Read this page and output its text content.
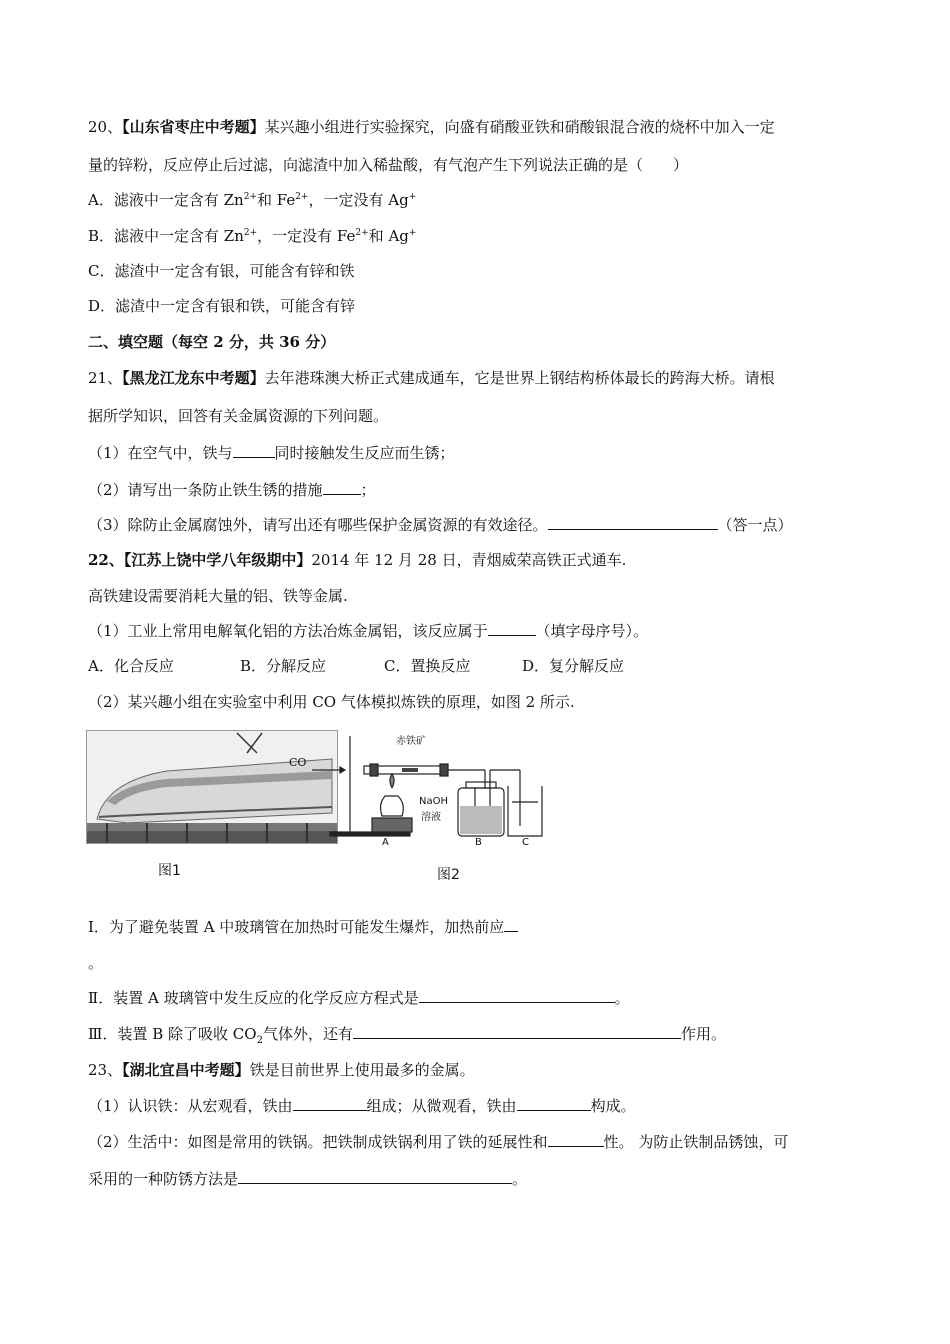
20、【山东省枣庄中考题】某兴趣小组进行实验探究，向盛有硝酸亚铁和硝酸银混合液的烧杯中加入一定
量的锌粉，反应停止后过滤，向滤渣中加入稀盐酸，有气泡产生下列说法正确的是（　　）
A．滤液中一定含有 $Zn^{2+}$和 $Fe^{2+}$，一定没有 Ag+
B．滤液中一定含有 $Zn^{2+}$，一定没有 $Fe^{2+}$和 Ag+
C．滤渣中一定含有银，可能含有锌和铁
D．滤渣中一定含有银和铁，可能含有锌
二、填空题（每空 2 分，共 36 分）
21、【黑龙江龙东中考题】去年港珠澳大桥正式建成通车，它是世界上钢结构桥体最长的跨海大桥。请根
据所学知识，回答有关金属资源的下列问题。
（1）在空气中，铁与	同时接触发生反应而生锈；
（2）请写出一条防止铁生锈的措施	；
（3）除防止金属腐蚀外，请写出还有哪些保护金属资源的有效途径。	（答一点）
22、【江苏上饶中学八年级期中】2014 年 12 月 28 日，青烟威荣高铁正式通车.
高铁建设需要消耗大量的铝、铁等金属.
（1）工业上常用电解氧化铝的方法冶炼金属铝，该反应属于	（填字母序号）。
A．化合反应	B．分解反应	C．置换反应	D．复分解反应
（2）某兴趣小组在实验室中利用 CO 气体模拟炼铁的原理，如图 2 所示.
图1
CO
赤铁矿
NaOH
溶液
A	B	C
图2
Ⅰ．为了避免装置 A 中玻璃管在加热时可能发生爆炸，加热前应
。
Ⅱ．装置 A 玻璃管中发生反应的化学反应方程式是	。
Ⅲ．装置 B 除了吸收 $CO_2$气体外，还有	作用。
23、【湖北宜昌中考题】铁是目前世界上使用最多的金属。
（1）认识铁：从宏观看，铁由	组成；从微观看，铁由	构成。
（2）生活中：如图是常用的铁锅。把铁制成铁锅利用了铁的延展性和	性。 为防止铁制品锈蚀，可
采用的一种防锈方法是	。
